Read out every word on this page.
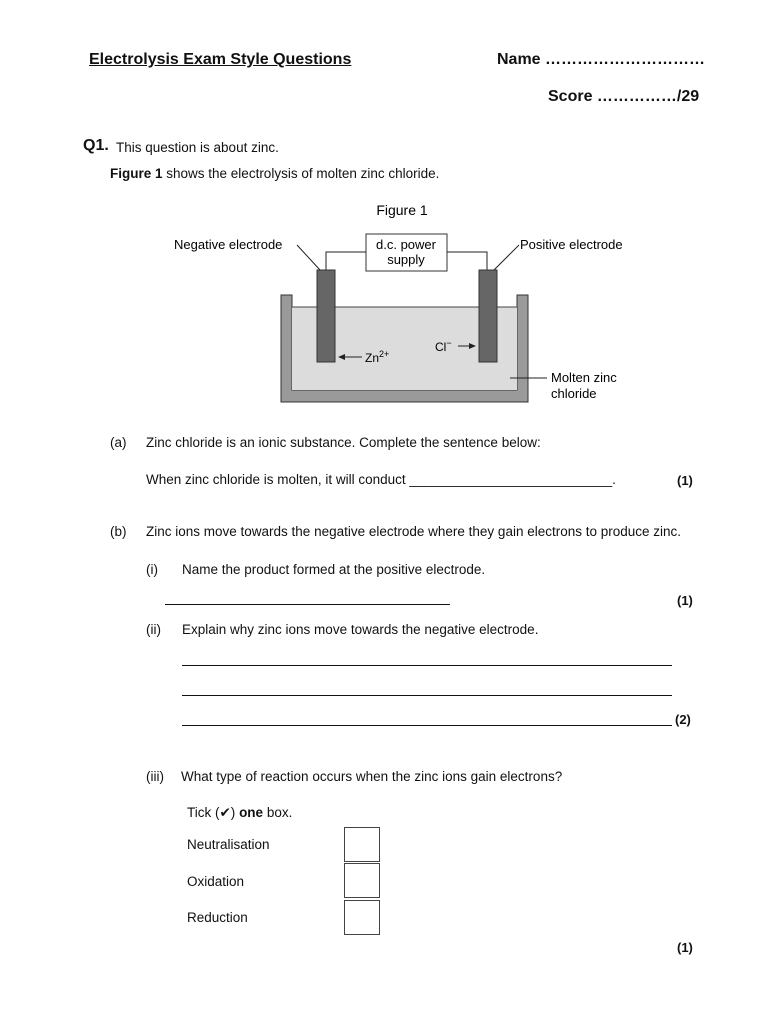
Electrolysis Exam Style Questions	Name …………………………
Score ……………/29
Q1. This question is about zinc.
Figure 1 shows the electrolysis of molten zinc chloride.
Figure 1
d.c. power
supply
Negative electrode	Positive electrode
$Zn^{2+}$	Cl−
Molten zinc
chloride
(a) Zinc chloride is an ionic substance. Complete the sentence below:
When zinc chloride is molten, it will conduct ___________________________.	(1)
(b) Zinc ions move towards the negative electrode where they gain electrons to produce zinc.
(i) Name the product formed at the positive electrode.
(1)
(ii) Explain why zinc ions move towards the negative electrode.
(2)
(iii) What type of reaction occurs when the zinc ions gain electrons?
Tick (✔) one box.
Neutralisation
Oxidation
Reduction
(1)
